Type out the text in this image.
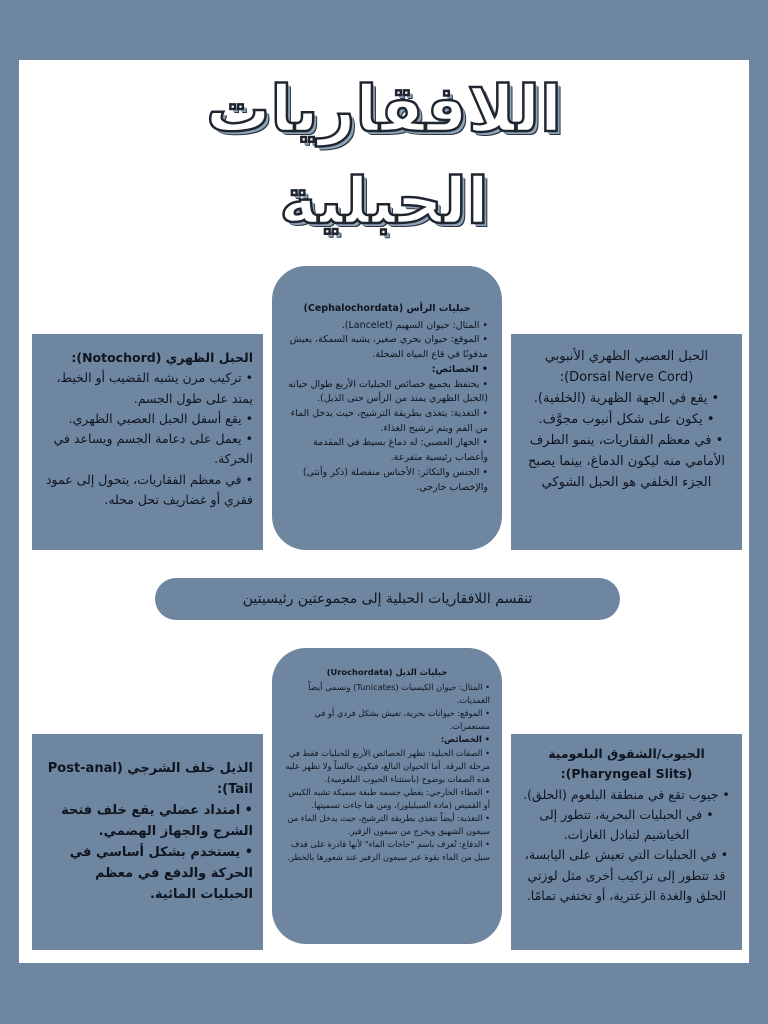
اللافقاريات
الحبلية

حبليات الرأس (Cephalochordata)

• المثال: حيوان السهيم (Lancelet).

• الموقع: حيوان بحري صغير، يشبه السمكة، يعيش مدفونًا في قاع المياه الضحلة.

• الخصائص:

• يحتفظ بجميع خصائص الحبليات الأربع طوال حياته (الحبل الظهري يمتد من الرأس حتى الذيل).

• التغذية: يتغذى بطريقة الترشيح، حيث يدخل الماء من الفم ويتم ترشيح الغذاء.

• الجهاز العصبي: له دماغ بسيط في المقدمة وأعصاب رئيسية متفرعة.

• الجنس والتكاثر: الأجناس منفصلة (ذكر وأنثى) والإخصاب خارجي.

الحبل الظهري (Notochord):

• تركيب مرن يشبه القضيب أو الخيط، يمتد على طول الجسم.

• يقع أسفل الحبل العصبي الظهري.

• يعمل على دعامة الجسم ويساعد في الحركة.

• في معظم الفقاريات، يتحول إلى عمود فقري أو غضاريف تحل محله.

الحبل العصبي الظهري الأنبوبي (Dorsal Nerve Cord):

• يقع في الجهة الظهرية (الخلفية).

• يكون على شكل أنبوب مجوَّف.

• في معظم الفقاريات، ينمو الطرف الأمامي منه ليكون الدماغ، بينما يصبح الجزء الخلفي هو الحبل الشوكي

تنقسم اللافقاريات الحبلية إلى مجموعتين رئيسيتين

حبليات الذيل (Urochordata)

• المثال: حيوان الكيسيات (Tunicates) وتسمى أيضاً الغمديات.

• الموقع: حيوانات بحرية، تعيش بشكل فردي أو في مستعمرات.

• الخصائص:

• الصفات الحبلية: تظهر الخصائص الأربع للحبليات فقط في مرحلة اليرقة. أما الحيوان البالغ، فيكون جالساً ولا تظهر عليه هذه الصفات بوضوح (باستثناء الجيوب البلعومية).

• الغطاء الخارجي: يغطي جسمه طبقة سميكة تشبه الكيس أو القميص (مادة السيليلوز)، ومن هنا جاءت تسميتها.

• التغذية: أيضاً تتغذى بطريقة الترشيح، حيث يدخل الماء من سيفون الشهيق ويخرج من سيفون الزفير.

• الدفاع: تُعرف باسم "حاخات الماء" لأنها قادرة على قذف سيل من الماء بقوة عبر سيفون الزفير عند شعورها بالخطر.

الذيل خلف الشرجي (Post-anal Tail):

• امتداد عضلي يقع خلف فتحة الشرج والجهاز الهضمي.

• يستخدم بشكل أساسي في الحركة والدفع في معظم الحبليات المائية.

الجيوب/الشقوق البلعومية (Pharyngeal Slits):

• جيوب تقع في منطقة البلعوم (الحلق).

• في الحبليات البحرية، تتطور إلى الخياشيم لتبادل الغازات.

• في الحبليات التي تعيش على اليابسة، قد تتطور إلى تراكيب أخرى مثل لوزتي الحلق والغدة الزعترية، أو تختفي تمامًا.
